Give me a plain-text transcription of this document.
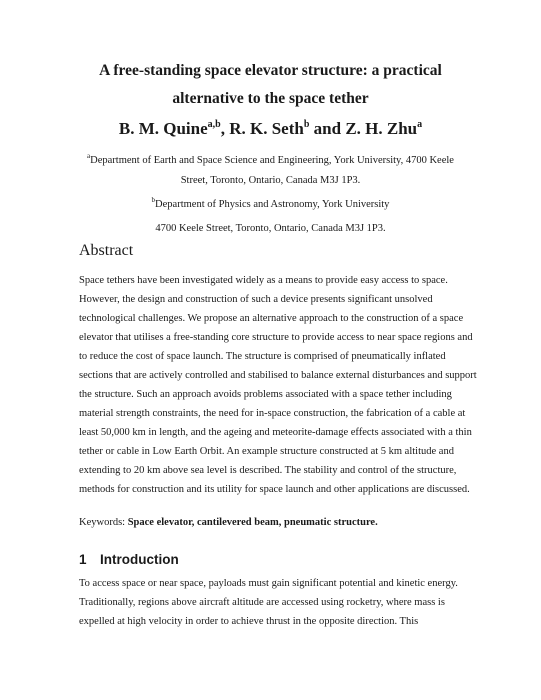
A free-standing space elevator structure: a practical
alternative to the space tether

B. M. Quine$^{a,b}$, R. K. Seth$^b$ and Z. H. Zhu$^a$

$^a$Department of Earth and Space Science and Engineering, York University, 4700 Keele

Street, Toronto, Ontario, Canada M3J 1P3.

$^b$Department of Physics and Astronomy, York University

4700 Keele Street, Toronto, Ontario, Canada M3J 1P3.

Abstract

Space tethers have been investigated widely as a means to provide easy access to space. However, the design and construction of such a device presents significant unsolved technological challenges. We propose an alternative approach to the construction of a space elevator that utilises a free-standing core structure to provide access to near space regions and to reduce the cost of space launch. The structure is comprised of pneumatically inflated sections that are actively controlled and stabilised to balance external disturbances and support the structure. Such an approach avoids problems associated with a space tether including material strength constraints, the need for in-space construction, the fabrication of a cable at least 50,000 km in length, and the ageing and meteorite-damage effects associated with a thin tether or cable in Low Earth Orbit. An example structure constructed at 5 km altitude and extending to 20 km above sea level is described. The stability and control of the structure, methods for construction and its utility for space launch and other applications are discussed.

Keywords: Space elevator, cantilevered beam, pneumatic structure.

1 Introduction

To access space or near space, payloads must gain significant potential and kinetic energy. Traditionally, regions above aircraft altitude are accessed using rocketry, where mass is expelled at high velocity in order to achieve thrust in the opposite direction. This
